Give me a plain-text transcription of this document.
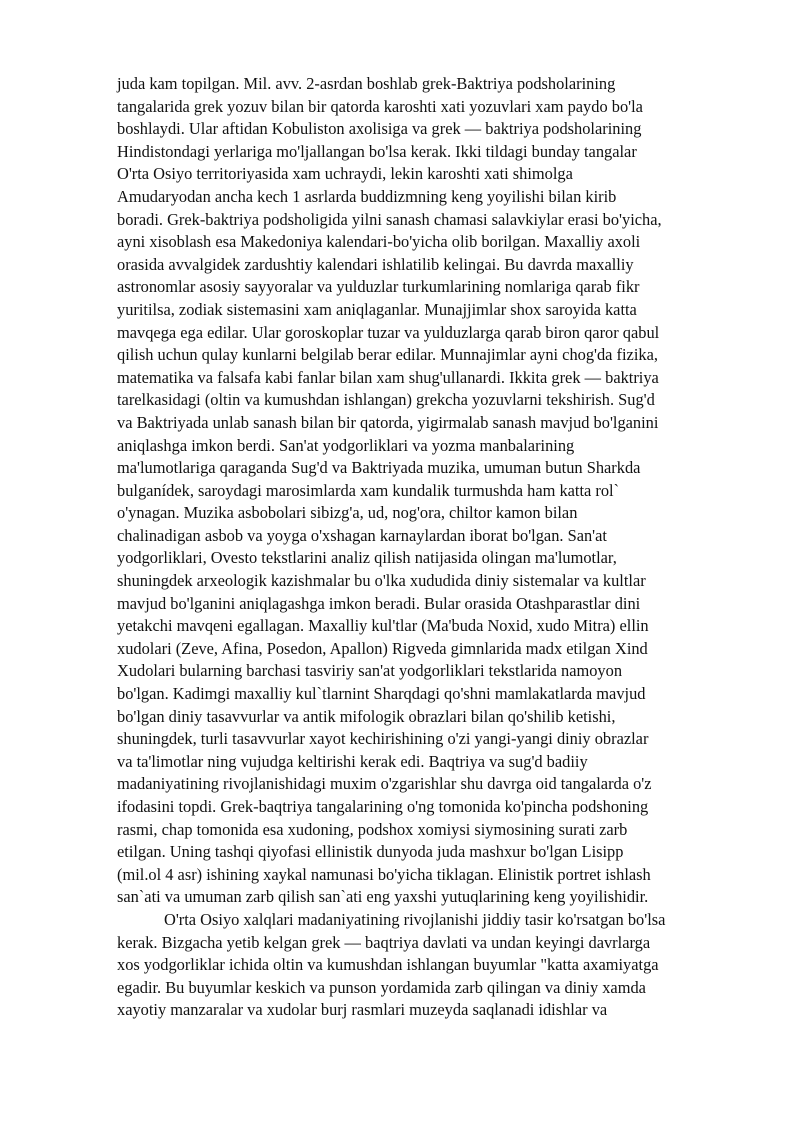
juda kam topilgan. Mil. avv. 2-asrdan boshlab grek-Baktriya podsholarining
tangalarida grek yozuv bilan bir qatorda karoshti xati yozuvlari xam paydo bo'la
boshlaydi. Ular aftidan Kobuliston axolisiga va grek — baktriya podsholarining
Hindistondagi yerlariga mo'ljallangan bo'lsa kerak. Ikki tildagi bunday tangalar
O'rta Osiyo territoriyasida xam uchraydi, lekin karoshti xati shimolga
Amudaryodan ancha kech 1 asrlarda buddizmning keng yoyilishi bilan kirib
boradi. Grek-baktriya podsholigida yilni sanash chamasi salavkiylar erasi bo'yicha,
ayni xisoblash esa Makedoniya kalendari-bo'yicha olib borilgan. Maxalliy axoli
orasida avvalgidek zardushtiy kalendari ishlatilib kelingai. Bu davrda maxalliy
astronomlar asosiy sayyoralar va yulduzlar turkumlarining nomlariga qarab fikr
yuritilsa, zodiak sistemasini xam aniqlaganlar. Munajjimlar shox saroyida katta
mavqega ega edilar. Ular goroskoplar tuzar va yulduzlarga qarab biron qaror qabul
qilish uchun qulay kunlarni belgilab berar edilar. Munnajimlar ayni chog'da fizika,
matematika va falsafa kabi fanlar bilan xam shug'ullanardi. Ikkita grek — baktriya
tarelkasidagi (oltin va kumushdan ishlangan) grekcha yozuvlarni tekshirish. Sug'd
va Baktriyada unlab sanash bilan bir qatorda, yigirmalab sanash mavjud bo'lganini
aniqlashga imkon berdi. San'at yodgorliklari va yozma manbalarining
ma'lumotlariga qaraganda Sug'd va Baktriyada muzika, umuman butun Sharkda
bulganídek, saroydagi marosimlarda xam kundalik turmushda ham katta rol`
o'ynagan. Muzika asbobolari sibizg'a, ud, nog'ora, chiltor kamon bilan
chalinadigan asbob va yoyga o'xshagan karnaylardan iborat bo'lgan. San'at
yodgorliklari, Ovesto tekstlarini analiz qilish natijasida olingan ma'lumotlar,
shuningdek arxeologik kazishmalar bu o'lka xududida diniy sistemalar va kultlar
mavjud bo'lganini aniqlagashga imkon beradi. Bular orasida Otashparastlar dini
yetakchi mavqeni egallagan. Maxalliy kul'tlar (Ma'buda Noxid, xudo Mitra) ellin
xudolari (Zeve, Afina, Posedon, Apallon) Rigveda gimnlarida madx etilgan Xind
Xudolari bularning barchasi tasviriy san'at yodgorliklari tekstlarida namoyon
bo'lgan. Kadimgi maxalliy kul`tlarnint Sharqdagi qo'shni mamlakatlarda mavjud
bo'lgan diniy tasavvurlar va antik mifologik obrazlari bilan qo'shilib ketishi,
shuningdek, turli tasavvurlar xayot kechirishining o'zi yangi-yangi diniy obrazlar
va ta'limotlar ning vujudga keltirishi kerak edi. Baqtriya va sug'd badiiy
madaniyatining rivojlanishidagi muxim o'zgarishlar shu davrga oid tangalarda o'z
ifodasini topdi. Grek-baqtriya tangalarining o'ng tomonida ko'pincha podshoning
rasmi, chap tomonida esa xudoning, podshox xomiysi siymosining surati zarb
etilgan. Uning tashqi qiyofasi ellinistik dunyoda juda mashxur bo'lgan Lisipp
(mil.ol 4 asr) ishining xaykal namunasi bo'yicha tiklagan. Elinistik portret ishlash
san`ati va umuman zarb qilish san`ati eng yaxshi yutuqlarining keng yoyilishidir.
O'rta Osiyo xalqlari madaniyatining rivojlanishi jiddiy tasir ko'rsatgan bo'lsa
kerak. Bizgacha yetib kelgan grek — baqtriya davlati va undan keyingi davrlarga
xos yodgorliklar ichida oltin va kumushdan ishlangan buyumlar "katta axamiyatga
egadir. Bu buyumlar keskich va punson yordamida zarb qilingan va diniy xamda
xayotiy manzaralar va xudolar burj rasmlari muzeyda saqlanadi idishlar va
